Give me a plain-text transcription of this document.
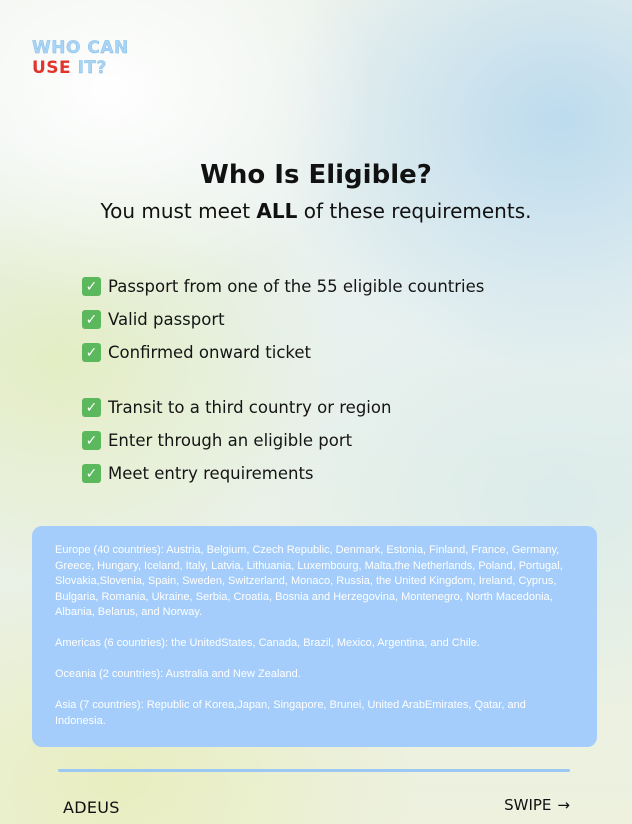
WHO CAN
USE IT?
Who Is Eligible?
You must meet ALL of these requirements.
✓ Passport from one of the 55 eligible countries
✓ Valid passport
✓ Confirmed onward ticket
✓ Transit to a third country or region
✓ Enter through an eligible port
✓ Meet entry requirements

Europe (40 countries): Austria, Belgium, Czech Republic, Denmark, Estonia, Finland, France, Germany, Greece, Hungary, Iceland, Italy, Latvia, Lithuania, Luxembourg, Malta,the Netherlands, Poland, Portugal, Slovakia,Slovenia, Spain, Sweden, Switzerland, Monaco, Russia, the United Kingdom, Ireland, Cyprus, Bulgaria, Romania, Ukraine, Serbia, Croatia, Bosnia and Herzegovina, Montenegro, North Macedonia, Albania, Belarus, and Norway.

Americas (6 countries): the UnitedStates, Canada, Brazil, Mexico, Argentina, and Chile.

Oceania (2 countries): Australia and New Zealand.

Asia (7 countries): Republic of Korea,Japan, Singapore, Brunei, United ArabEmirates, Qatar, and Indonesia.

ADEUS	SWIPE →
